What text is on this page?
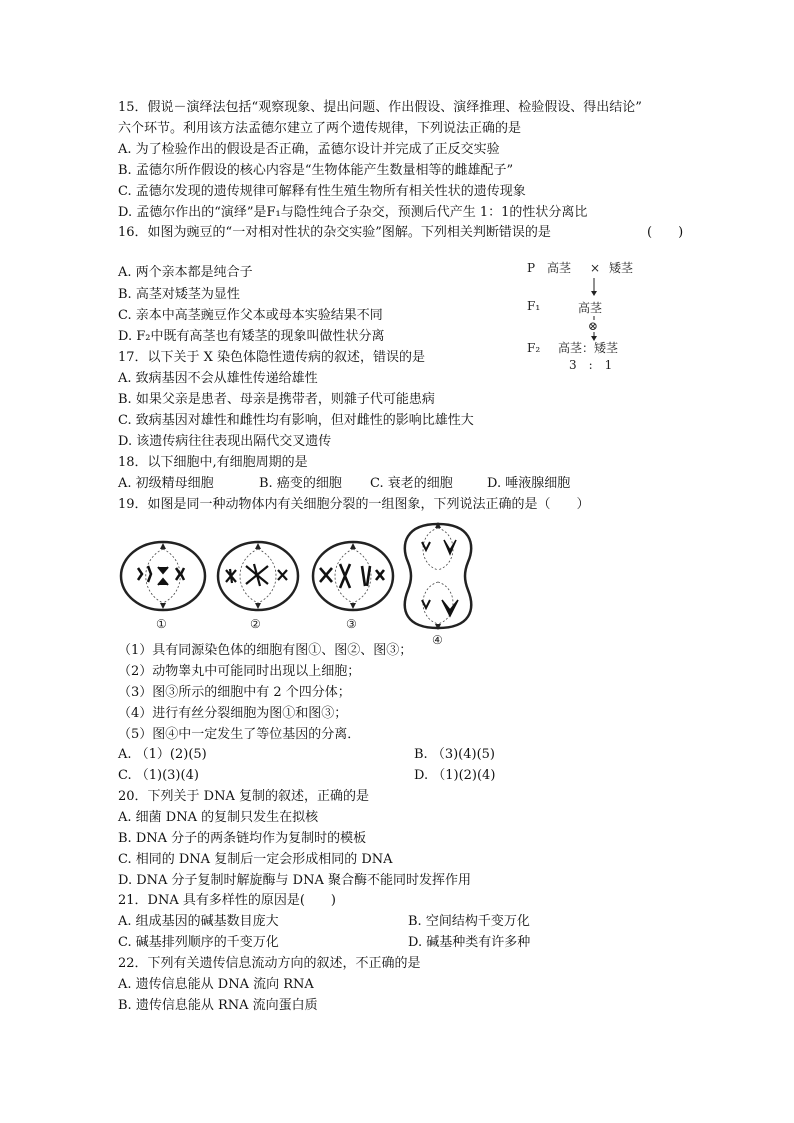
15．假说－演绎法包括“观察现象、提出问题、作出假设、演绎推理、检验假设、得出结论”
六个环节。利用该方法孟德尔建立了两个遗传规律，下列说法正确的是
A. 为了检验作出的假设是否正确，孟德尔设计并完成了正反交实验
B. 孟德尔所作假设的核心内容是“生物体能产生数量相等的雌雄配子”
C. 孟德尔发现的遗传规律可解释有性生殖生物所有相关性状的遗传现象
D. 孟德尔作出的“演绎”是F₁与隐性纯合子杂交，预测后代产生 1：1的性状分离比
16．如图为豌豆的“一对相对性状的杂交实验”图解。下列相关判断错误的是	(　　)
A. 两个亲本都是纯合子
B. 高茎对矮茎为显性
C. 亲本中高茎豌豆作父本或母本实验结果不同
D. F₂中既有高茎也有矮茎的现象叫做性状分离
P 高茎 × 矮茎
F₁	高茎
⊗
F₂ 高茎：矮茎
3　:　1
17．以下关于 X 染色体隐性遗传病的叙述，错误的是
A. 致病基因不会从雄性传递给雄性
B. 如果父亲是患者、母亲是携带者，则雜子代可能患病
C. 致病基因对雄性和雌性均有影响，但对雌性的影响比雄性大
D. 该遗传病往往表现出隔代交叉遗传
18．以下细胞中,有细胞周期的是
A. 初级精母细胞	B. 癌变的细胞 C. 衰老的细胞	D. 唾液腺细胞
19．如图是同一种动物体内有关细胞分裂的一组图象，下列说法正确的是（　　）
①	②	③
④
（1）具有同源染色体的细胞有图①、图②、图③；
（2）动物睾丸中可能同时出现以上细胞；
（3）图③所示的细胞中有 2 个四分体；
（4）进行有丝分裂细胞为图①和图③；
（5）图④中一定发生了等位基因的分离．
A. （1）(2)(5)	B. （3)(4)(5)
C. （1)(3)(4)	D. （1)(2)(4)
20．下列关于 DNA 复制的叙述，正确的是
A. 细菌 DNA 的复制只发生在拟核
B. DNA 分子的两条链均作为复制时的模板
C. 相同的 DNA 复制后一定会形成相同的 DNA
D. DNA 分子复制时解旋酶与 DNA 聚合酶不能同时发挥作用
21．DNA 具有多样性的原因是(　　)
A. 组成基因的碱基数目庞大	B. 空间结构千变万化
C. 碱基排列顺序的千变万化	D. 碱基种类有许多种
22．下列有关遗传信息流动方向的叙述，不正确的是
A. 遗传信息能从 DNA 流向 RNA
B. 遗传信息能从 RNA 流向蛋白质
